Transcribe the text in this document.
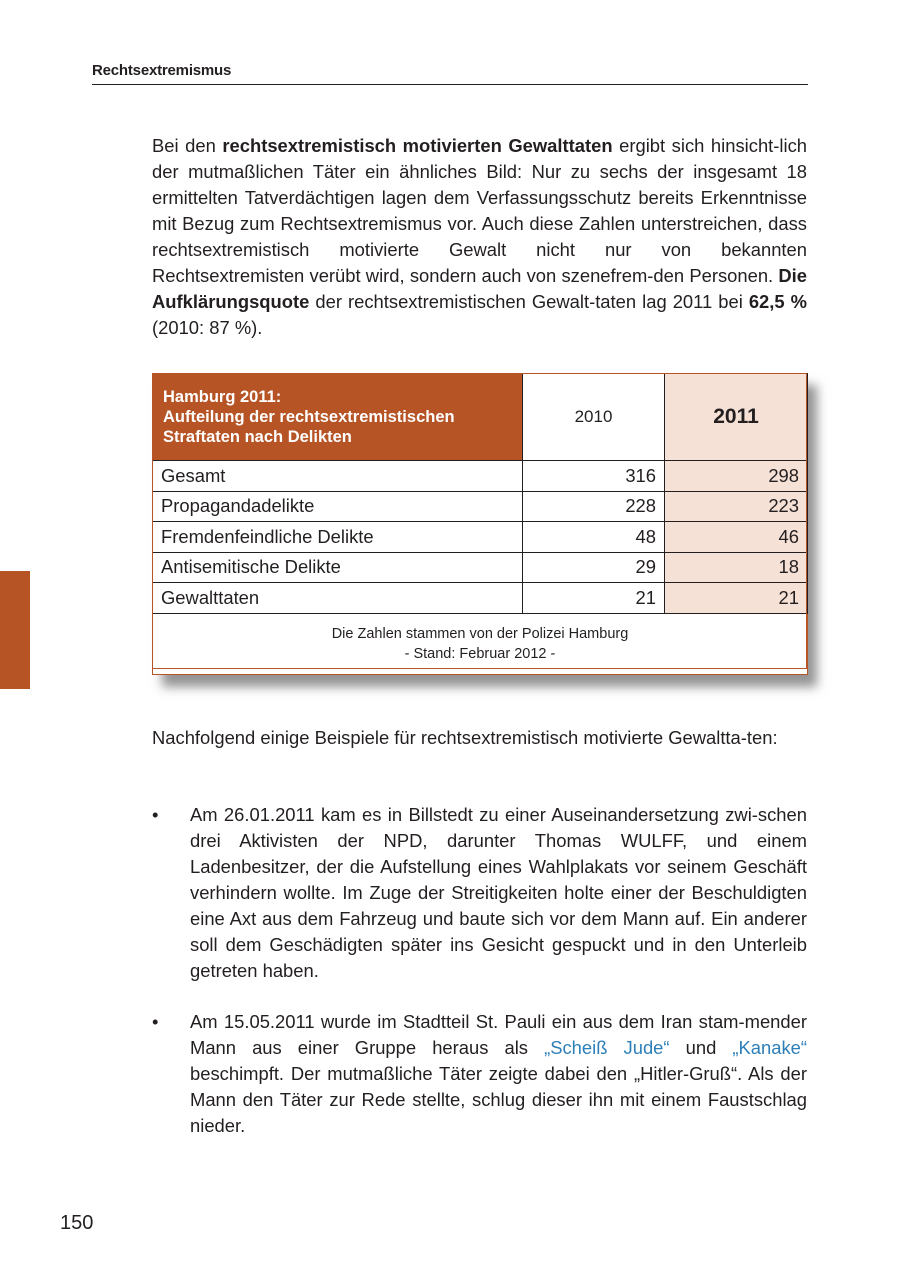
Rechtsextremismus

Bei den rechtsextremistisch motivierten Gewalttaten ergibt sich hinsicht-lich der mutmaßlichen Täter ein ähnliches Bild: Nur zu sechs der insgesamt 18 ermittelten Tatverdächtigen lagen dem Verfassungsschutz bereits Erkenntnisse mit Bezug zum Rechtsextremismus vor. Auch diese Zahlen unterstreichen, dass rechtsextremistisch motivierte Gewalt nicht nur von bekannten Rechtsextremisten verübt wird, sondern auch von szenefrem-den Personen. Die Aufklärungsquote der rechtsextremistischen Gewalt-taten lag 2011 bei 62,5 % (2010: 87 %).

Hamburg 2011:
Aufteilung der rechtsextremistischen
Straftaten nach Delikten	2010	2011
Gesamt	316	298
Propagandadelikte	228	223
Fremdenfeindliche Delikte	48	46
Antisemitische Delikte	29	18
Gewalttaten	21	21

Die Zahlen stammen von der Polizei Hamburg
- Stand: Februar 2012 -		

Nachfolgend einige Beispiele für rechtsextremistisch motivierte Gewaltta-ten:

• Am 26.01.2011 kam es in Billstedt zu einer Auseinandersetzung zwi-schen drei Aktivisten der NPD, darunter Thomas WULFF, und einem Ladenbesitzer, der die Aufstellung eines Wahlplakats vor seinem Geschäft verhindern wollte. Im Zuge der Streitigkeiten holte einer der Beschuldigten eine Axt aus dem Fahrzeug und baute sich vor dem Mann auf. Ein anderer soll dem Geschädigten später ins Gesicht gespuckt und in den Unterleib getreten haben.

• Am 15.05.2011 wurde im Stadtteil St. Pauli ein aus dem Iran stam-mender Mann aus einer Gruppe heraus als „Scheiß Jude“ und „Kanake“ beschimpft. Der mutmaßliche Täter zeigte dabei den „Hitler-Gruß“. Als der Mann den Täter zur Rede stellte, schlug dieser ihn mit einem Faustschlag nieder.

150
